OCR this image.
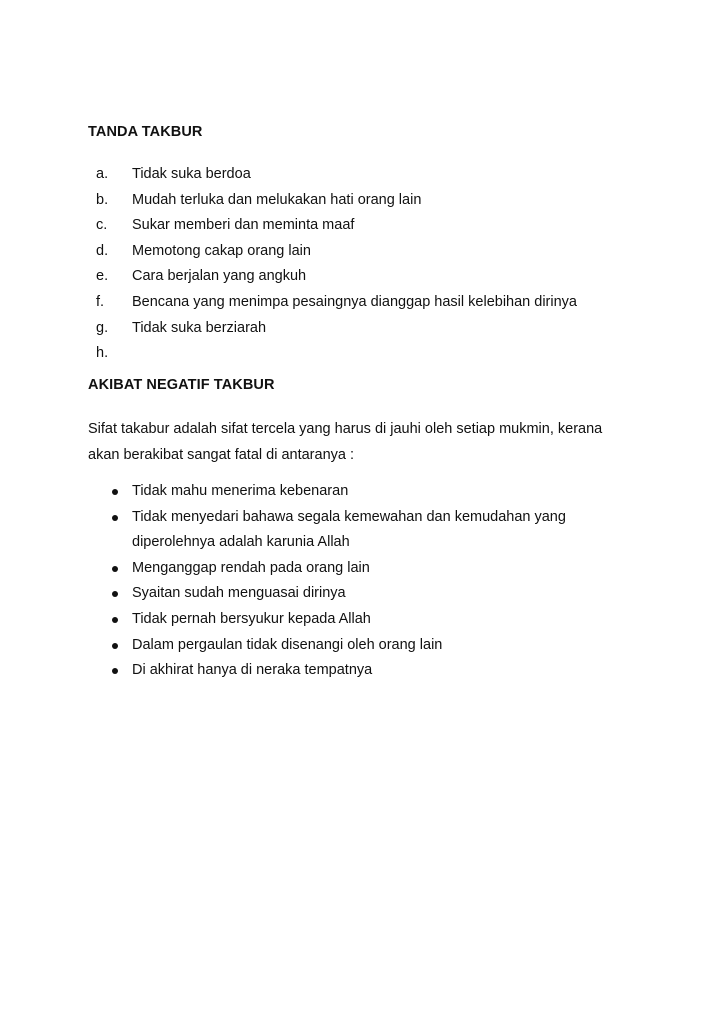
TANDA TAKBUR
a. Tidak suka berdoa
b. Mudah terluka dan melukakan hati orang lain
c. Sukar memberi dan meminta maaf
d. Memotong cakap orang lain
e. Cara berjalan yang angkuh
f. Bencana yang menimpa pesaingnya dianggap hasil kelebihan dirinya
g. Tidak suka berziarah
h.
AKIBAT NEGATIF TAKBUR

Sifat takabur adalah sifat tercela yang harus di jauhi oleh setiap mukmin, kerana
akan berakibat sangat fatal di antaranya :

Tidak mahu menerima kebenaran
Tidak menyedari bahawa segala kemewahan dan kemudahan yang
diperolehnya adalah karunia Allah
Menganggap rendah pada orang lain
Syaitan sudah menguasai dirinya
Tidak pernah bersyukur kepada Allah
Dalam pergaulan tidak disenangi oleh orang lain
Di akhirat hanya di neraka tempatnya
